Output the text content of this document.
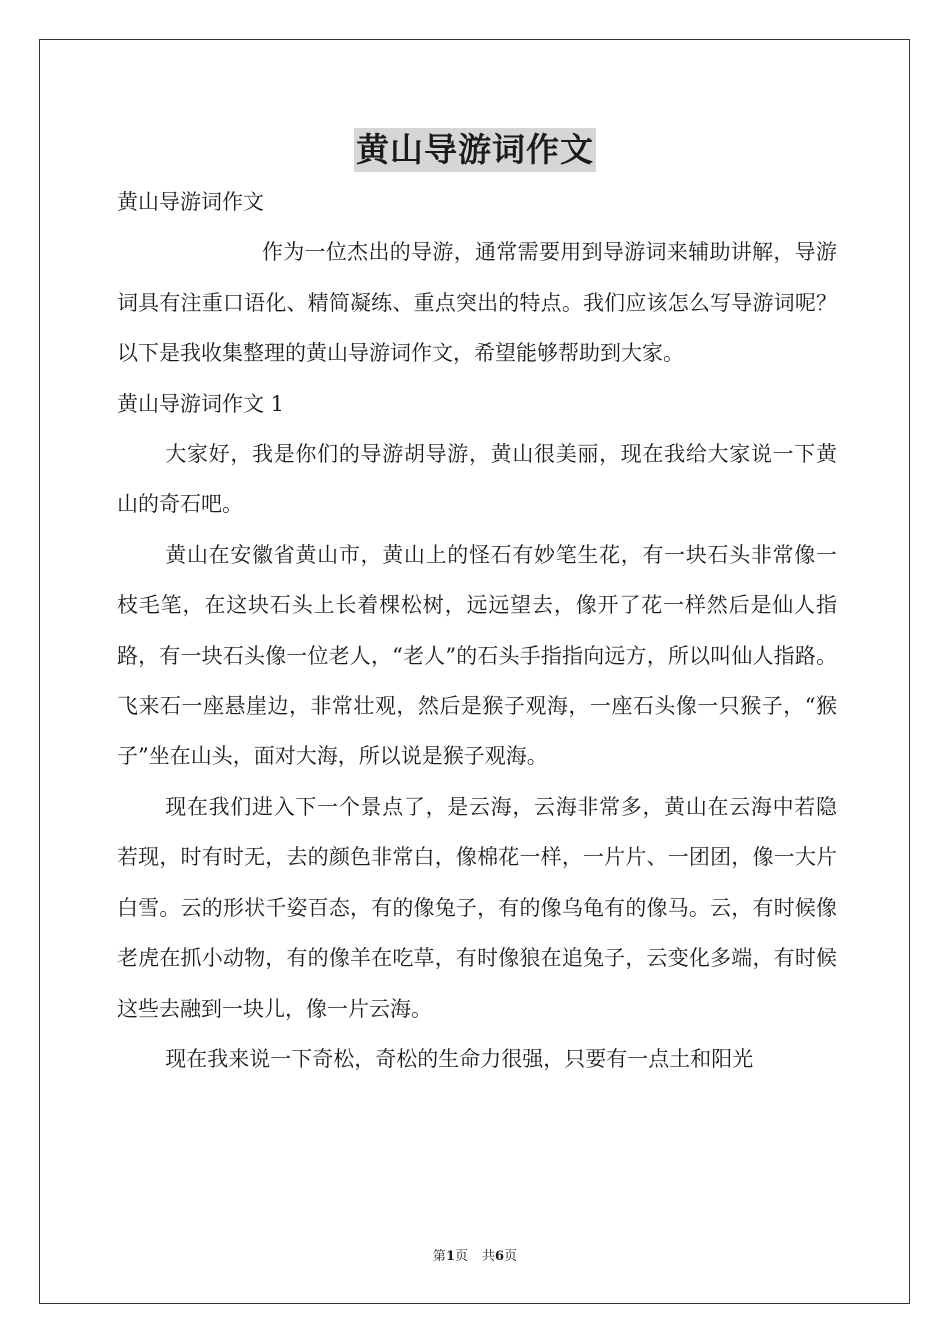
黄山导游词作文

黄山导游词作文

作为一位杰出的导游，通常需要用到导游词来辅助讲解，导游词具有注重口语化、精简凝练、重点突出的特点。我们应该怎么写导游词呢？以下是我收集整理的黄山导游词作文，希望能够帮助到大家。

黄山导游词作文 1

大家好，我是你们的导游胡导游，黄山很美丽，现在我给大家说一下黄山的奇石吧。

黄山在安徽省黄山市，黄山上的怪石有妙笔生花，有一块石头非常像一枝毛笔，在这块石头上长着棵松树，远远望去，像开了花一样然后是仙人指路，有一块石头像一位老人，“老人”的石头手指指向远方，所以叫仙人指路。飞来石一座悬崖边，非常壮观，然后是猴子观海，一座石头像一只猴子，“猴子”坐在山头，面对大海，所以说是猴子观海。

现在我们进入下一个景点了，是云海，云海非常多，黄山在云海中若隐若现，时有时无，去的颜色非常白，像棉花一样，一片片、一团团，像一大片白雪。云的形状千姿百态，有的像兔子，有的像乌龟有的像马。云，有时候像老虎在抓小动物，有的像羊在吃草，有时像狼在追兔子，云变化多端，有时候这些去融到一块儿，像一片云海。

现在我来说一下奇松，奇松的生命力很强，只要有一点土和阳光

第1页 共6页
